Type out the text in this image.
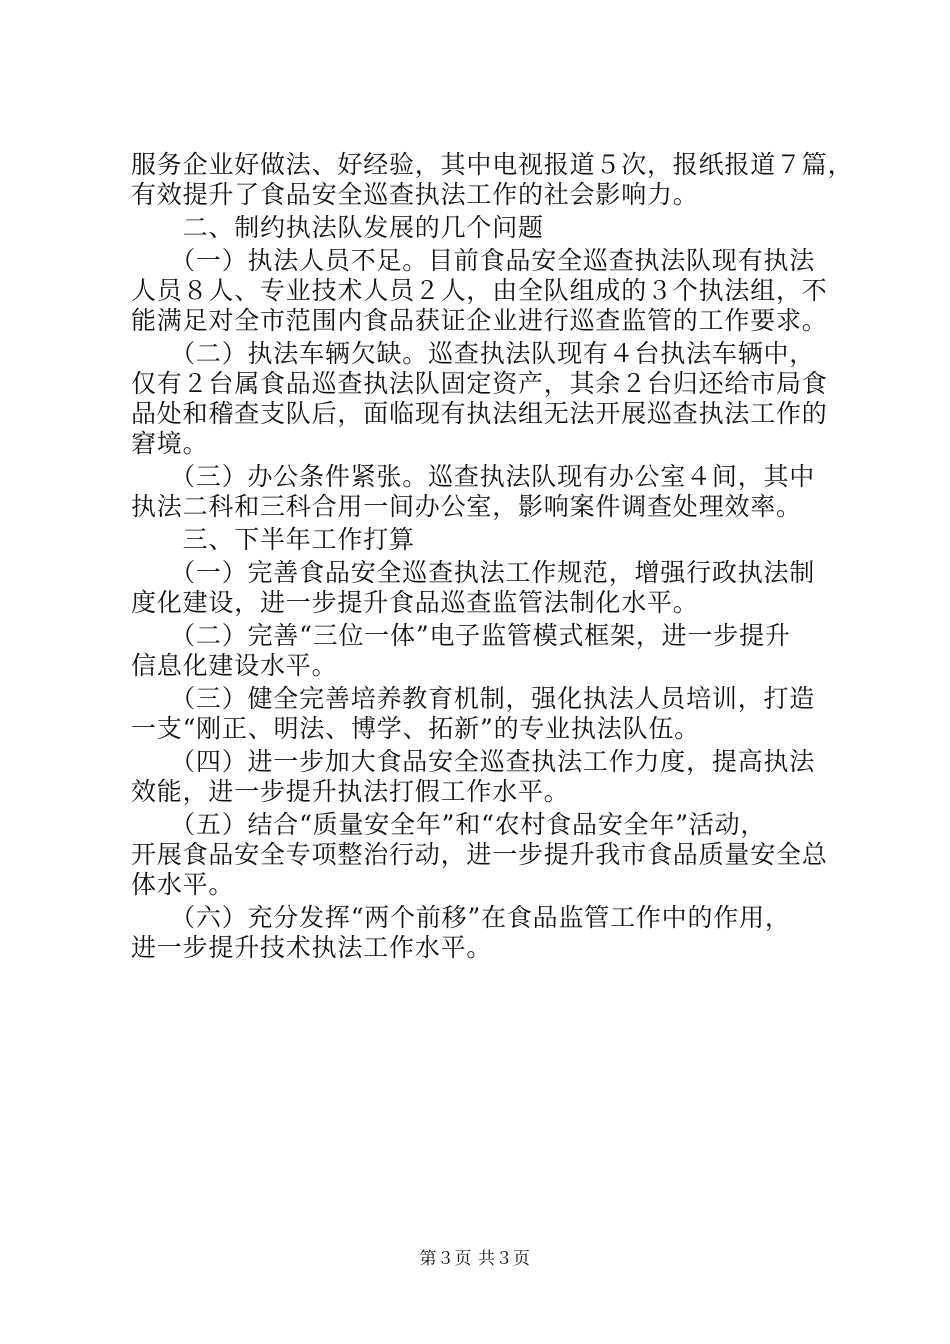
服务企业好做法、好经验，其中电视报道５次，报纸报道７篇，
有效提升了食品安全巡查执法工作的社会影响力。
　　二、制约执法队发展的几个问题
　　（一）执法人员不足。目前食品安全巡查执法队现有执法
人员８人、专业技术人员２人，由全队组成的３个执法组，不
能满足对全市范围内食品获证企业进行巡查监管的工作要求。
　　（二）执法车辆欠缺。巡查执法队现有４台执法车辆中，
仅有２台属食品巡查执法队固定资产，其余２台归还给市局食
品处和稽查支队后，面临现有执法组无法开展巡查执法工作的
窘境。
　　（三）办公条件紧张。巡查执法队现有办公室４间，其中
执法二科和三科合用一间办公室，影响案件调查处理效率。
　　三、下半年工作打算
　　（一）完善食品安全巡查执法工作规范，增强行政执法制
度化建设，进一步提升食品巡查监管法制化水平。
　　（二）完善“三位一体”电子监管模式框架，进一步提升
信息化建设水平。
　　（三）健全完善培养教育机制，强化执法人员培训，打造
一支“刚正、明法、博学、拓新”的专业执法队伍。
　　（四）进一步加大食品安全巡查执法工作力度，提高执法
效能，进一步提升执法打假工作水平。
　　（五）结合“质量安全年”和“农村食品安全年”活动，
开展食品安全专项整治行动，进一步提升我市食品质量安全总
体水平。
　　（六）充分发挥“两个前移”在食品监管工作中的作用，
进一步提升技术执法工作水平。
第３页 共３页
